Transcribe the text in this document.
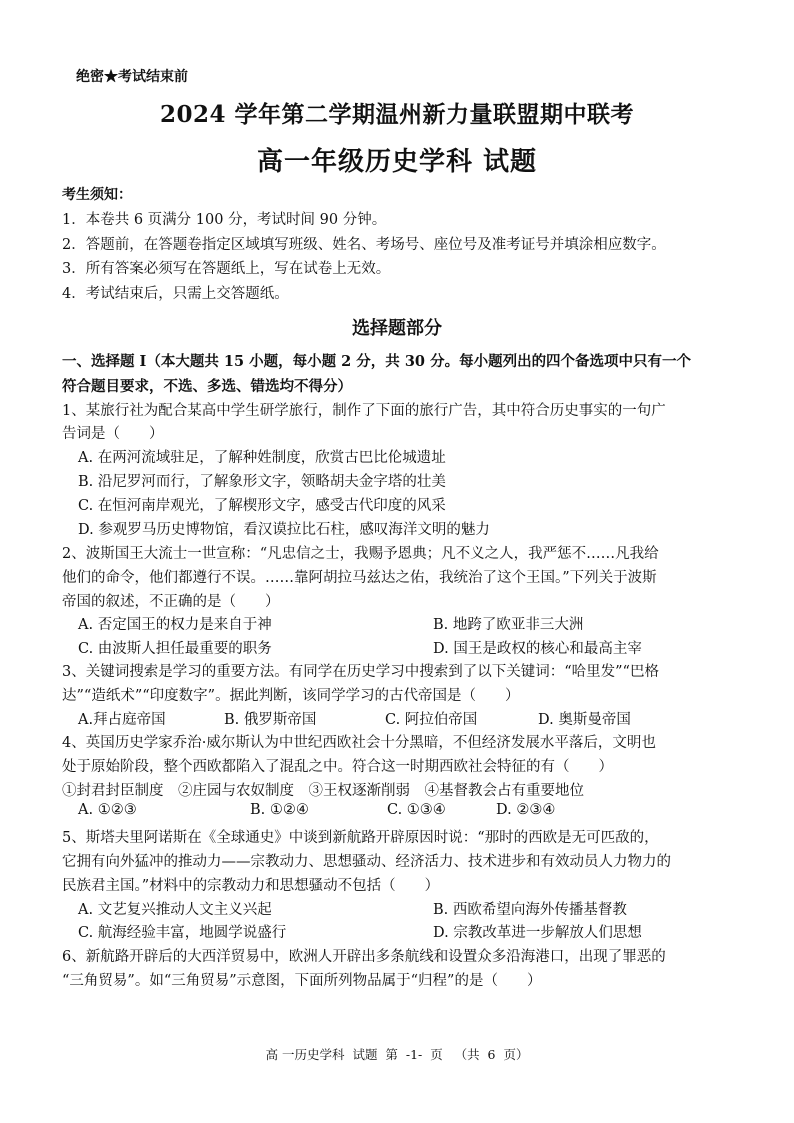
绝密★考试结束前
2024 学年第二学期温州新力量联盟期中联考
高一年级历史学科 试题
考生须知：
1．本卷共 6 页满分 100 分，考试时间 90 分钟。
2．答题前，在答题卷指定区域填写班级、姓名、考场号、座位号及准考证号并填涂相应数字。
3．所有答案必须写在答题纸上，写在试卷上无效。
4．考试结束后，只需上交答题纸。
选择题部分
一、选择题 I（本大题共 15 小题，每小题 2 分，共 30 分。每小题列出的四个备选项中只有一个
符合题目要求，不选、多选、错选均不得分）
1、某旅行社为配合某高中学生研学旅行，制作了下面的旅行广告，其中符合历史事实的一句广
告词是（　　）
A. 在两河流域驻足，了解种姓制度，欣赏古巴比伦城遗址
B. 沿尼罗河而行，了解象形文字，领略胡夫金字塔的壮美
C. 在恒河南岸观光，了解楔形文字，感受古代印度的风采
D. 参观罗马历史博物馆，看汉谟拉比石柱，感叹海洋文明的魅力
2、波斯国王大流士一世宣称：“凡忠信之士，我赐予恩典；凡不义之人，我严惩不……凡我给
他们的命令，他们都遵行不误。……靠阿胡拉马兹达之佑，我统治了这个王国。”下列关于波斯
帝国的叙述，不正确的是（　　）
A. 否定国王的权力是来自于神	B. 地跨了欧亚非三大洲
C. 由波斯人担任最重要的职务	D. 国王是政权的核心和最高主宰
3、关键词搜索是学习的重要方法。有同学在历史学习中搜索到了以下关键词：“哈里发”“巴格
达”“造纸术”“印度数字”。据此判断，该同学学习的古代帝国是（　　）
A.拜占庭帝国	B. 俄罗斯帝国	C. 阿拉伯帝国	D. 奥斯曼帝国
4、英国历史学家乔治·威尔斯认为中世纪西欧社会十分黑暗，不但经济发展水平落后，文明也
处于原始阶段，整个西欧都陷入了混乱之中。符合这一时期西欧社会特征的有（　　）
①封君封臣制度　②庄园与农奴制度　③王权逐渐削弱　④基督教会占有重要地位
A. ①②③	B. ①②④	C. ①③④	D. ②③④
5、斯塔夫里阿诺斯在《全球通史》中谈到新航路开辟原因时说：“那时的西欧是无可匹敌的，
它拥有向外猛冲的推动力——宗教动力、思想骚动、经济活力、技术进步和有效动员人力物力的
民族君主国。”材料中的宗教动力和思想骚动不包括（　　）
A. 文艺复兴推动人文主义兴起	B. 西欧希望向海外传播基督教
C. 航海经验丰富，地圆学说盛行	D. 宗教改革进一步解放人们思想
6、新航路开辟后的大西洋贸易中，欧洲人开辟出多条航线和设置众多沿海港口，出现了罪恶的
“三角贸易”。如“三角贸易”示意图，下面所列物品属于“归程”的是（　　）
高 一历史学科  试题  第  -1-  页   （共  6  页）
